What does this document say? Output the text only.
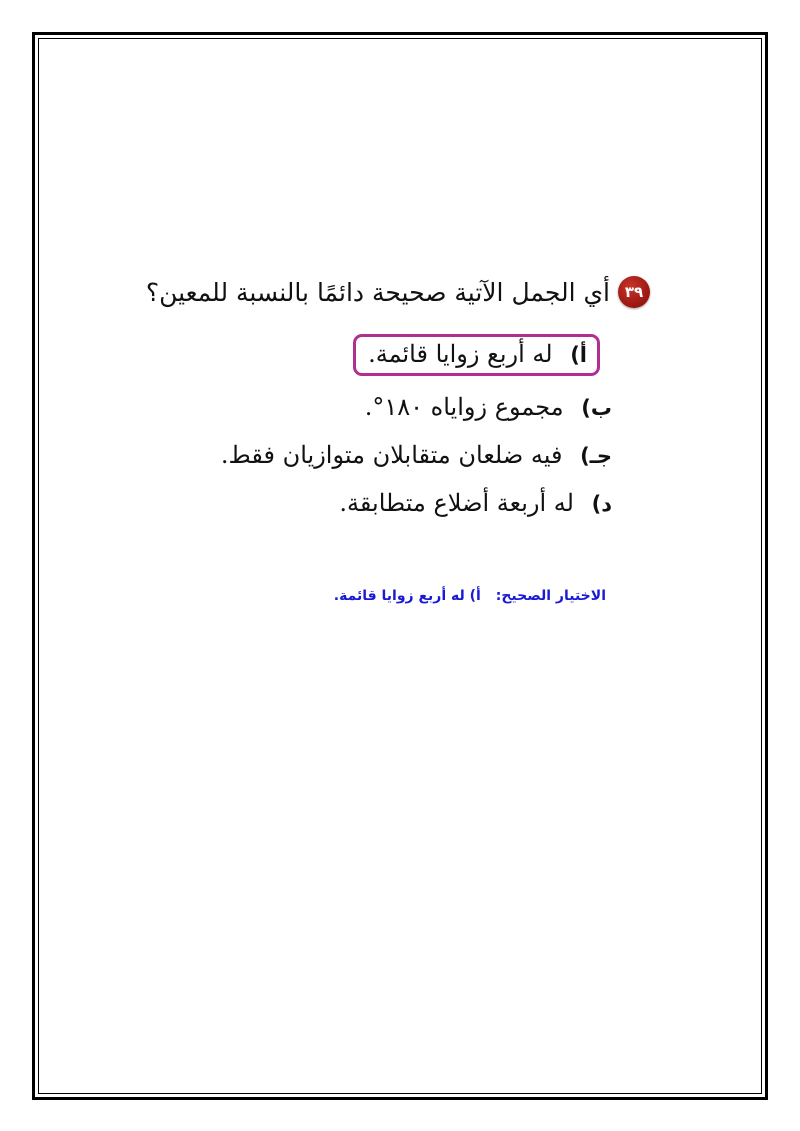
٣٩
أي الجمل الآتية صحيحة دائمًا بالنسبة للمعين؟
أ) له أربع زوايا قائمة.
ب) مجموع زواياه ١٨٠°.
جـ) فيه ضلعان متقابلان متوازيان فقط.
د) له أربعة أضلاع متطابقة.
الاختيار الصحيح: أ) له أربع زوايا قائمة.
